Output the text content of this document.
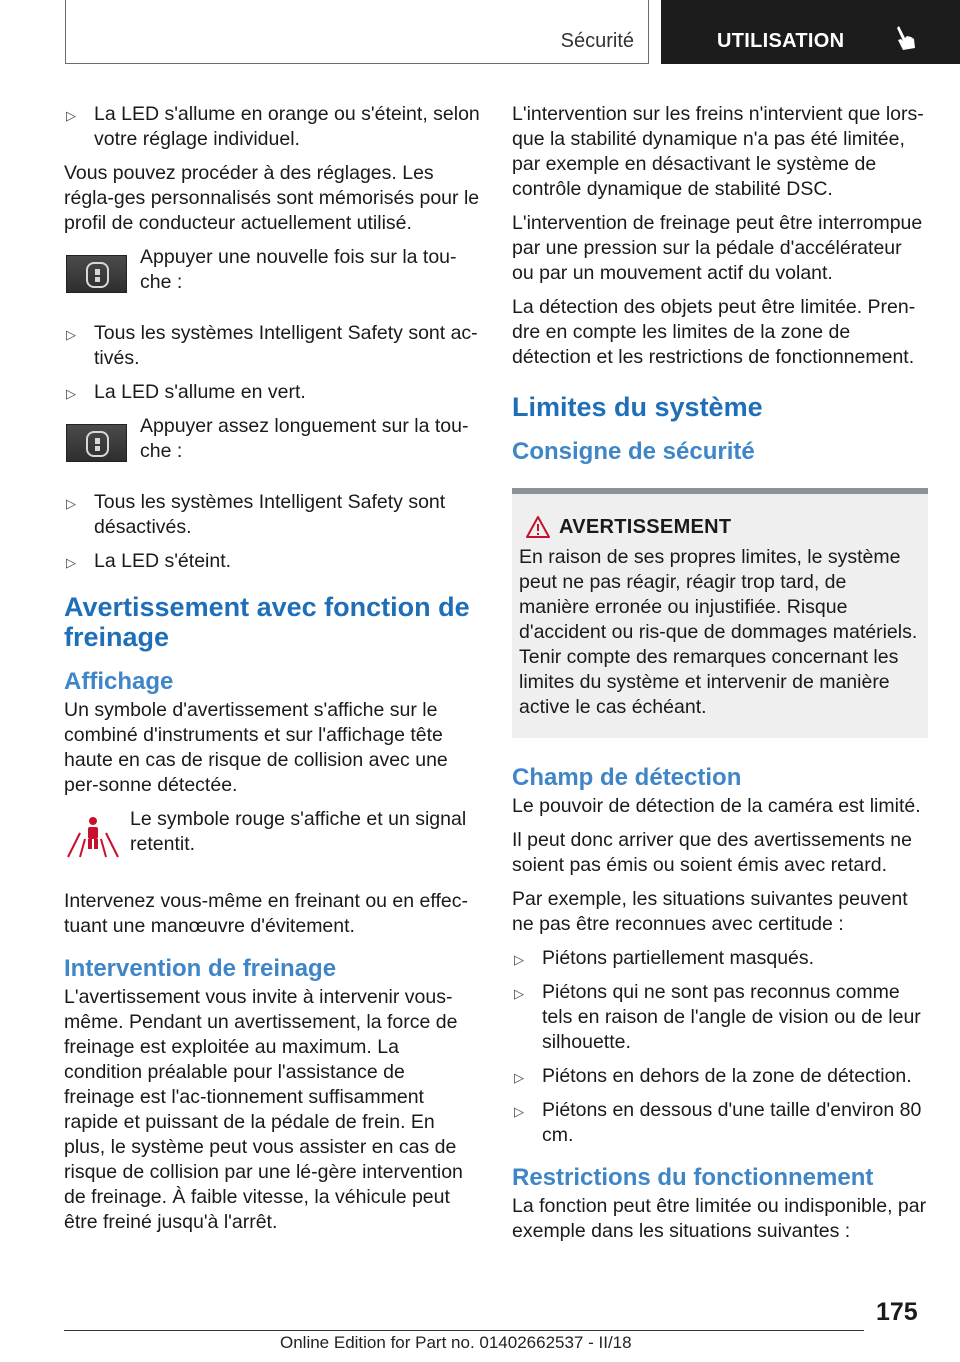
Sécurité	UTILISATION
▷ La LED s'allume en orange ou s'éteint, selon votre réglage individuel.

Vous pouvez procéder à des réglages. Les régla-ges personnalisés sont mémorisés pour le profil de conducteur actuellement utilisé.

Appuyer une nouvelle fois sur la tou-che :
▷ Tous les systèmes Intelligent Safety sont ac-tivés.
▷ La LED s'allume en vert.
Appuyer assez longuement sur la tou-che :
▷ Tous les systèmes Intelligent Safety sont désactivés.
▷ La LED s'éteint.
Avertissement avec fonction de freinage
Affichage

Un symbole d'avertissement s'affiche sur le combiné d'instruments et sur l'affichage tête haute en cas de risque de collision avec une per-sonne détectée.

Le symbole rouge s'affiche et un signal retentit.

Intervenez vous-même en freinant ou en effec-tuant une manœuvre d'évitement.

Intervention de freinage

L'avertissement vous invite à intervenir vous-même. Pendant un avertissement, la force de freinage est exploitée au maximum. La condition préalable pour l'assistance de freinage est l'ac-tionnement suffisamment rapide et puissant de la pédale de frein. En plus, le système peut vous assister en cas de risque de collision par une lé-gère intervention de freinage. À faible vitesse, la véhicule peut être freiné jusqu'à l'arrêt.

L'intervention sur les freins n'intervient que lors-que la stabilité dynamique n'a pas été limitée, par exemple en désactivant le système de contrôle dynamique de stabilité DSC.

L'intervention de freinage peut être interrompue par une pression sur la pédale d'accélérateur ou par un mouvement actif du volant.

La détection des objets peut être limitée. Pren-dre en compte les limites de la zone de détection et les restrictions de fonctionnement.

Limites du système
Consigne de sécurité
AVERTISSEMENT

En raison de ses propres limites, le système peut ne pas réagir, réagir trop tard, de manière erronée ou injustifiée. Risque d'accident ou ris-que de dommages matériels. Tenir compte des remarques concernant les limites du système et intervenir de manière active le cas échéant.

Champ de détection

Le pouvoir de détection de la caméra est limité.

Il peut donc arriver que des avertissements ne soient pas émis ou soient émis avec retard.

Par exemple, les situations suivantes peuvent ne pas être reconnues avec certitude :

▷ Piétons partiellement masqués.
▷ Piétons qui ne sont pas reconnus comme tels en raison de l'angle de vision ou de leur silhouette.
▷ Piétons en dehors de la zone de détection.
▷ Piétons en dessous d'une taille d'environ 80 cm.
Restrictions du fonctionnement

La fonction peut être limitée ou indisponible, par exemple dans les situations suivantes :

175
Online Edition for Part no. 01402662537 - II/18
